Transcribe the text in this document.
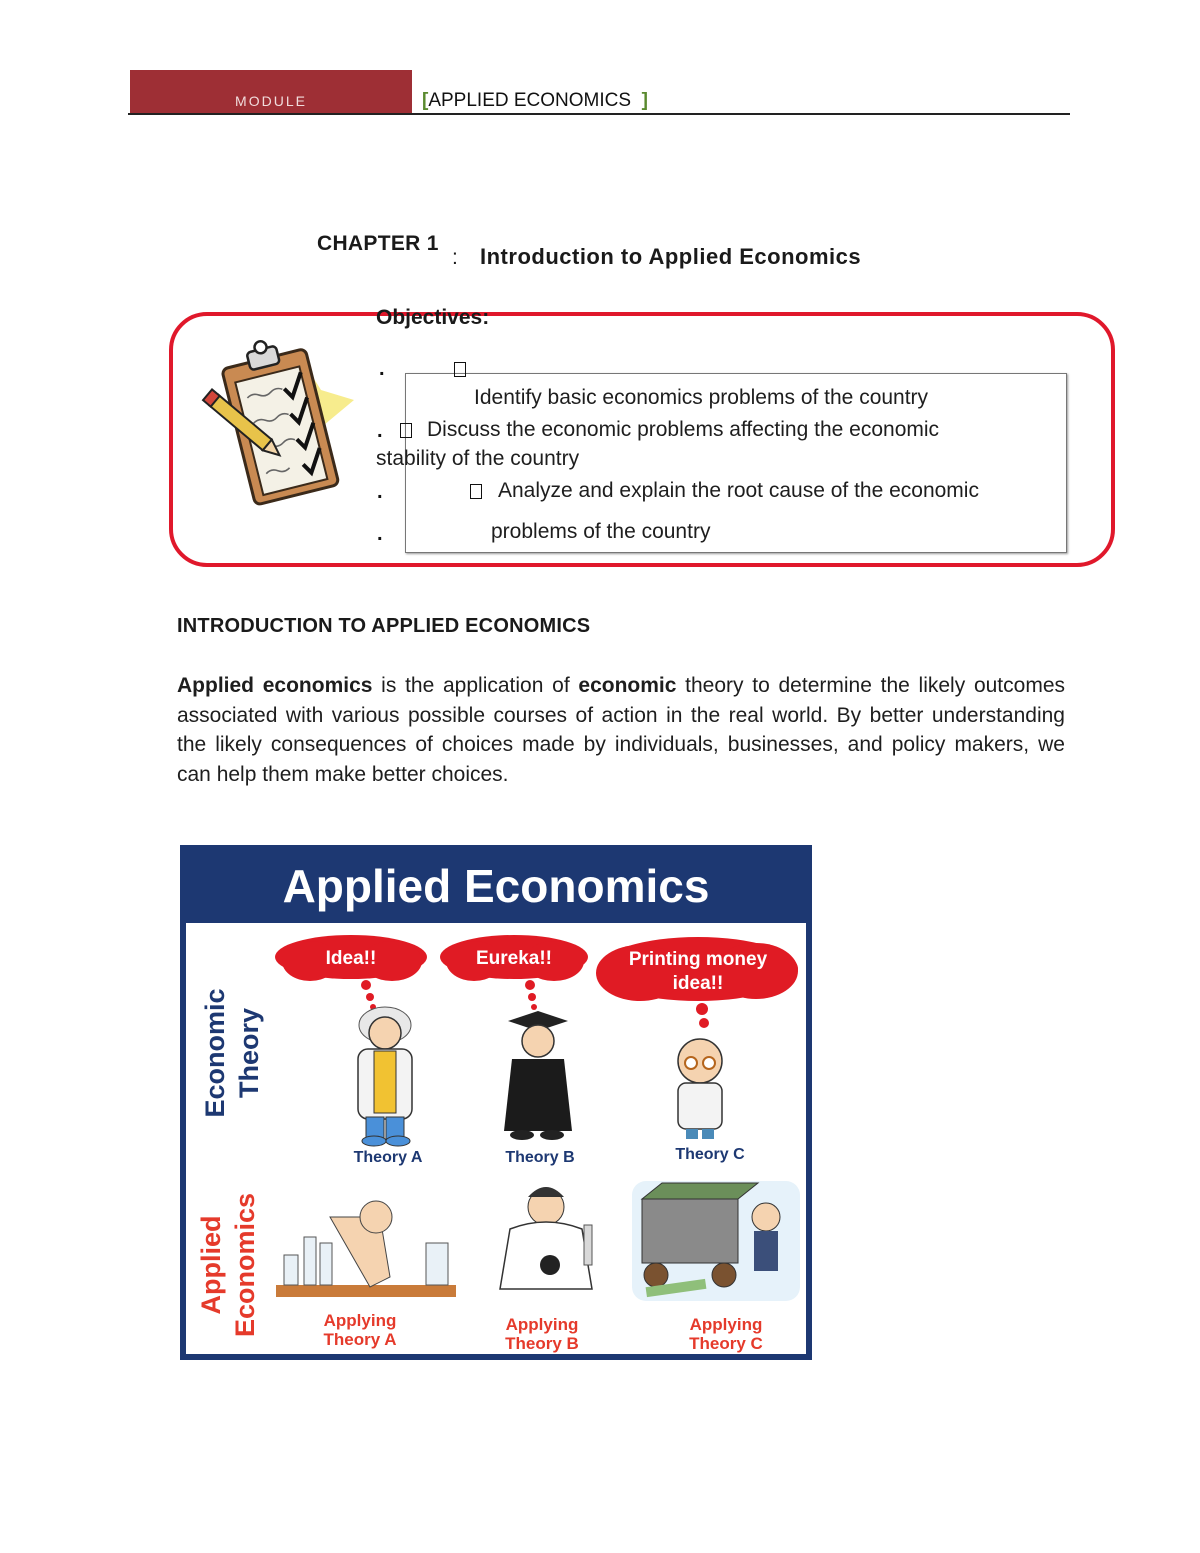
MODULE	[APPLIED ECONOMICS ]
CHAPTER 1
: Introduction to Applied Economics
Objectives:
.
Identify basic economics problems of the country
. Discuss the economic problems affecting the economic
stability of the country
.	Analyze and explain the root cause of the economic
.	problems of the country
INTRODUCTION TO APPLIED ECONOMICS
Applied economics is the application of economic theory to determine the likely outcomes associated with various possible courses of action in the real world. By better understanding the likely consequences of choices made by individuals, businesses, and policy makers, we can help them make better choices.
Applied Economics
Economic Theory
Applied Economics
Idea!!	Eureka!!	Printing money
idea!!
Theory A	Theory B	Theory C
Applying
Theory A
Applying
Theory B
Applying
Theory C
